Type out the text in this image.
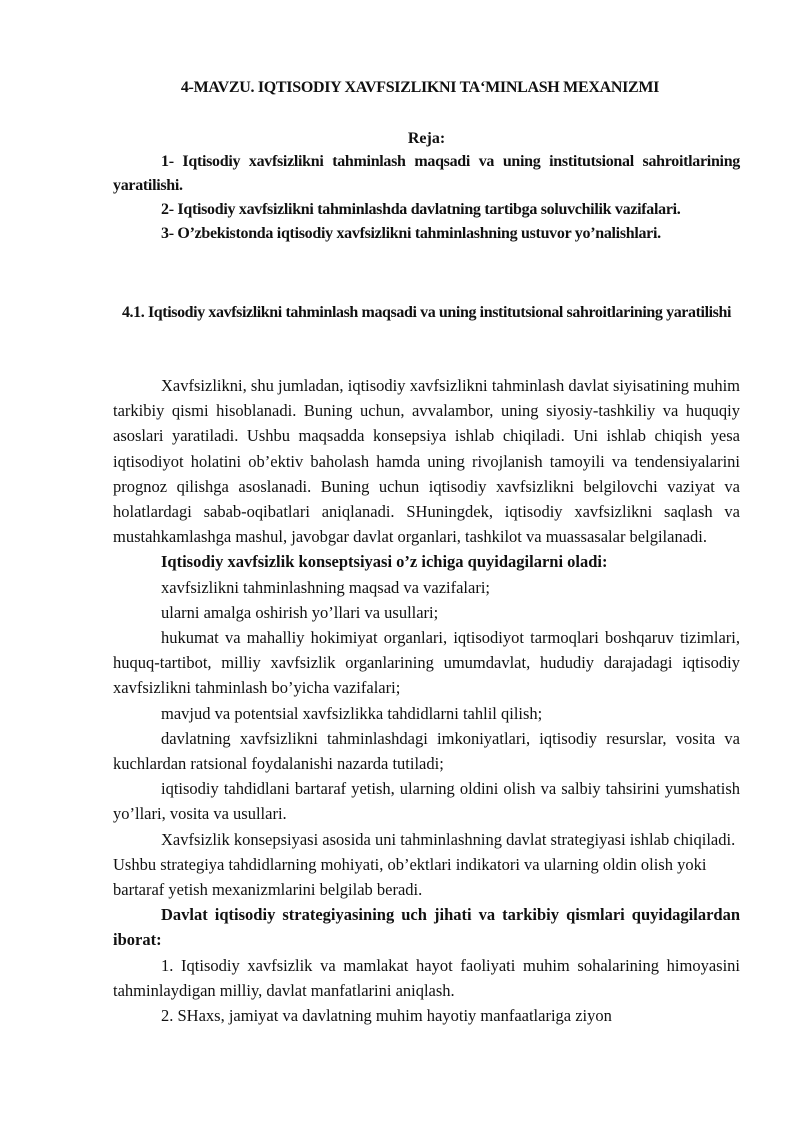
4-MAVZU. IQTISODIY XAVFSIZLIKNI TA‘MINLASH MEXANIZMI
Reja:

1- Iqtisodiy xavfsizlikni tahminlash maqsadi va uning institutsional sahroitlarining yaratilishi.

2- Iqtisodiy xavfsizlikni tahminlashda davlatning tartibga soluvchilik vazifalari.

3- O’zbekistonda iqtisodiy xavfsizlikni tahminlashning ustuvor yo’nalishlari.

4.1. Iqtisodiy xavfsizlikni tahminlash maqsadi va uning institutsional sahroitlarining yaratilishi

Xavfsizlikni, shu jumladan, iqtisodiy xavfsizlikni tahminlash davlat siyisatining muhim tarkibiy qismi hisoblanadi. Buning uchun, avvalambor, uning siyosiy-tashkiliy va huquqiy asoslari yaratiladi. Ushbu maqsadda konsepsiya ishlab chiqiladi. Uni ishlab chiqish yesa iqtisodiyot holatini ob’ektiv baholash hamda uning rivojlanish tamoyili va tendensiyalarini prognoz qilishga asoslanadi. Buning uchun iqtisodiy xavfsizlikni belgilovchi vaziyat va holatlardagi sabab-oqibatlari aniqlanadi. SHuningdek, iqtisodiy xavfsizlikni saqlash va mustahkamlashga mashul, javobgar davlat organlari, tashkilot va muassasalar belgilanadi.

Iqtisodiy xavfsizlik konseptsiyasi o’z ichiga quyidagilarni oladi:

xavfsizlikni tahminlashning maqsad va vazifalari;

ularni amalga oshirish yo’llari va usullari;

hukumat va mahalliy hokimiyat organlari, iqtisodiyot tarmoqlari boshqaruv tizimlari, huquq-tartibot, milliy xavfsizlik organlarining umumdavlat, hududiy darajadagi iqtisodiy xavfsizlikni tahminlash bo’yicha vazifalari;

mavjud va potentsial xavfsizlikka tahdidlarni tahlil qilish;

davlatning xavfsizlikni tahminlashdagi imkoniyatlari, iqtisodiy resurslar, vosita va kuchlardan ratsional foydalanishi nazarda tutiladi;

iqtisodiy tahdidlani bartaraf yetish, ularning oldini olish va salbiy tahsirini yumshatish yo’llari, vosita va usullari.

Xavfsizlik konsepsiyasi asosida uni tahminlashning davlat strategiyasi ishlab chiqiladi. Ushbu strategiya tahdidlarning mohiyati, ob’ektlari indikatori va ularning oldin olish yoki bartaraf yetish mexanizmlarini belgilab beradi.

Davlat iqtisodiy strategiyasining uch jihati va tarkibiy qismlari quyidagilardan iborat:

1. Iqtisodiy xavfsizlik va mamlakat hayot faoliyati muhim sohalarining himoyasini tahminlaydigan milliy, davlat manfatlarini aniqlash.

2. SHaxs, jamiyat va davlatning muhim hayotiy manfaatlariga ziyon
